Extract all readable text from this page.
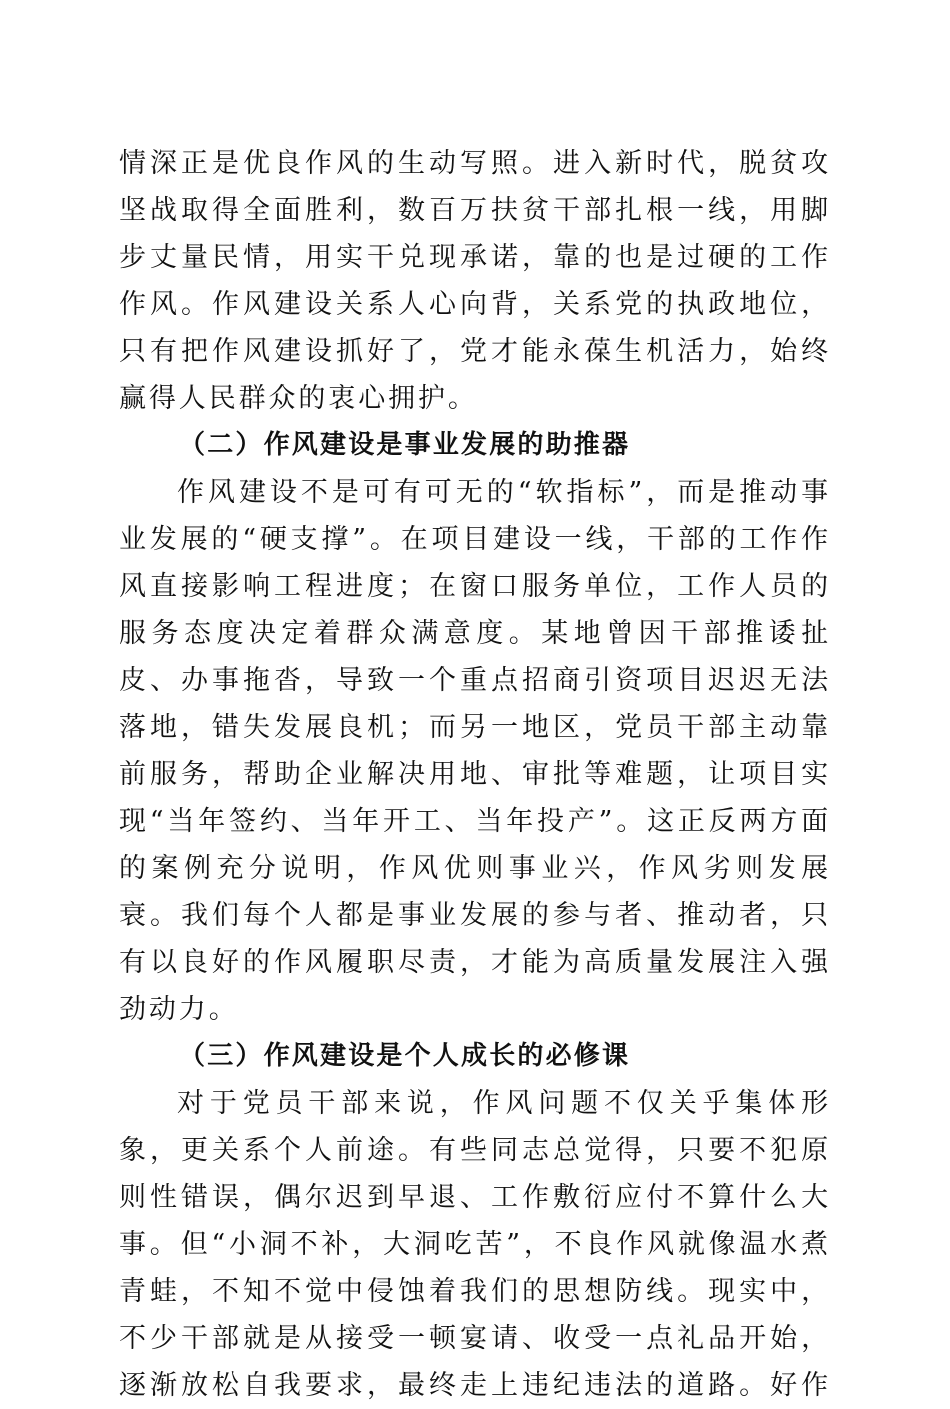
情深正是优良作风的生动写照。进入新时代，脱贫攻坚战取得全面胜利，数百万扶贫干部扎根一线，用脚步丈量民情，用实干兑现承诺，靠的也是过硬的工作作风。作风建设关系人心向背，关系党的执政地位，只有把作风建设抓好了，党才能永葆生机活力，始终赢得人民群众的衷心拥护。

（二）作风建设是事业发展的助推器

作风建设不是可有可无的“软指标”，而是推动事业发展的“硬支撑”。在项目建设一线，干部的工作作风直接影响工程进度；在窗口服务单位，工作人员的服务态度决定着群众满意度。某地曾因干部推诿扯皮、办事拖沓，导致一个重点招商引资项目迟迟无法落地，错失发展良机；而另一地区，党员干部主动靠前服务，帮助企业解决用地、审批等难题，让项目实现“当年签约、当年开工、当年投产”。这正反两方面的案例充分说明，作风优则事业兴，作风劣则发展衰。我们每个人都是事业发展的参与者、推动者，只有以良好的作风履职尽责，才能为高质量发展注入强劲动力。

（三）作风建设是个人成长的必修课

对于党员干部来说，作风问题不仅关乎集体形象，更关系个人前途。有些同志总觉得，只要不犯原则性错误，偶尔迟到早退、工作敷衍应付不算什么大事。但“小洞不补，大洞吃苦”，不良作风就像温水煮青蛙，不知不觉中侵蚀着我们的思想防线。现实中，不少干部就是从接受一顿宴请、收受一点礼品开始，逐渐放松自我要求，最终走上违纪违法的道路。好作
